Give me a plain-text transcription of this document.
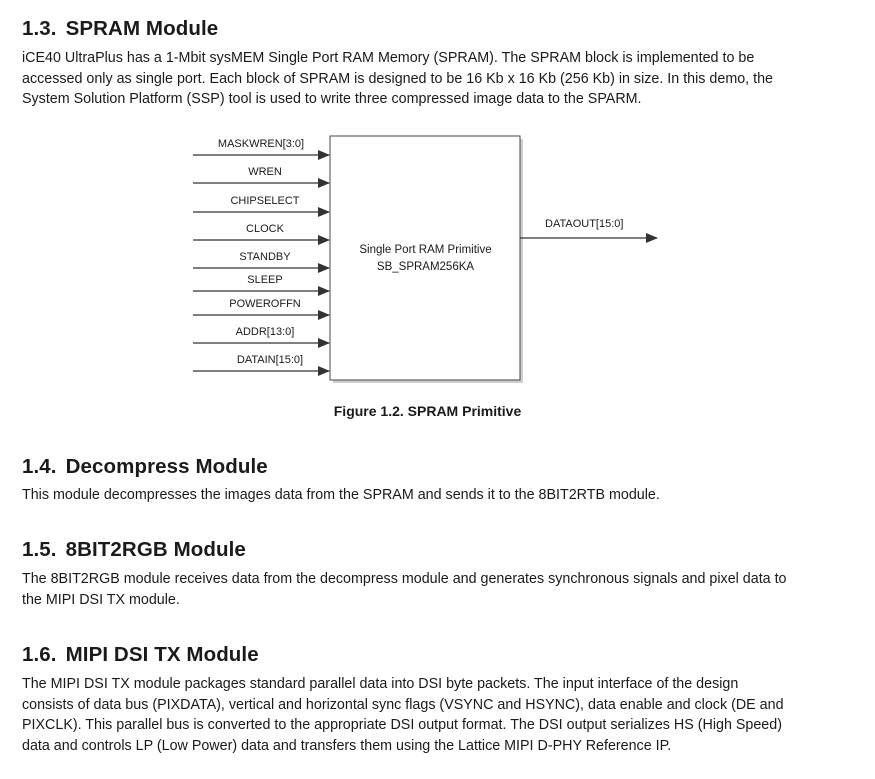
1.3. SPRAM Module

iCE40 UltraPlus has a 1-Mbit sysMEM Single Port RAM Memory (SPRAM). The SPRAM block is implemented to be
accessed only as single port. Each block of SPRAM is designed to be 16 Kb x 16 Kb (256 Kb) in size. In this demo, the
System Solution Platform (SSP) tool is used to write three compressed image data to the SPARM.

MASKWREN[3:0]
WREN
CHIPSELECT
CLOCK
STANDBY
SLEEP
POWEROFFN
ADDR[13:0]
DATAIN[15:0]
DATAOUT[15:0]
Single Port RAM Primitive
SB_SPRAM256KA
Figure 1.2. SPRAM Primitive
1.4. Decompress Module

This module decompresses the images data from the SPRAM and sends it to the 8BIT2RTB module.

1.5. 8BIT2RGB Module

The 8BIT2RGB module receives data from the decompress module and generates synchronous signals and pixel data to
the MIPI DSI TX module.

1.6. MIPI DSI TX Module

The MIPI DSI TX module packages standard parallel data into DSI byte packets. The input interface of the design
consists of data bus (PIXDATA), vertical and horizontal sync flags (VSYNC and HSYNC), data enable and clock (DE and
PIXCLK). This parallel bus is converted to the appropriate DSI output format. The DSI output serializes HS (High Speed)
data and controls LP (Low Power) data and transfers them using the Lattice MIPI D-PHY Reference IP.
